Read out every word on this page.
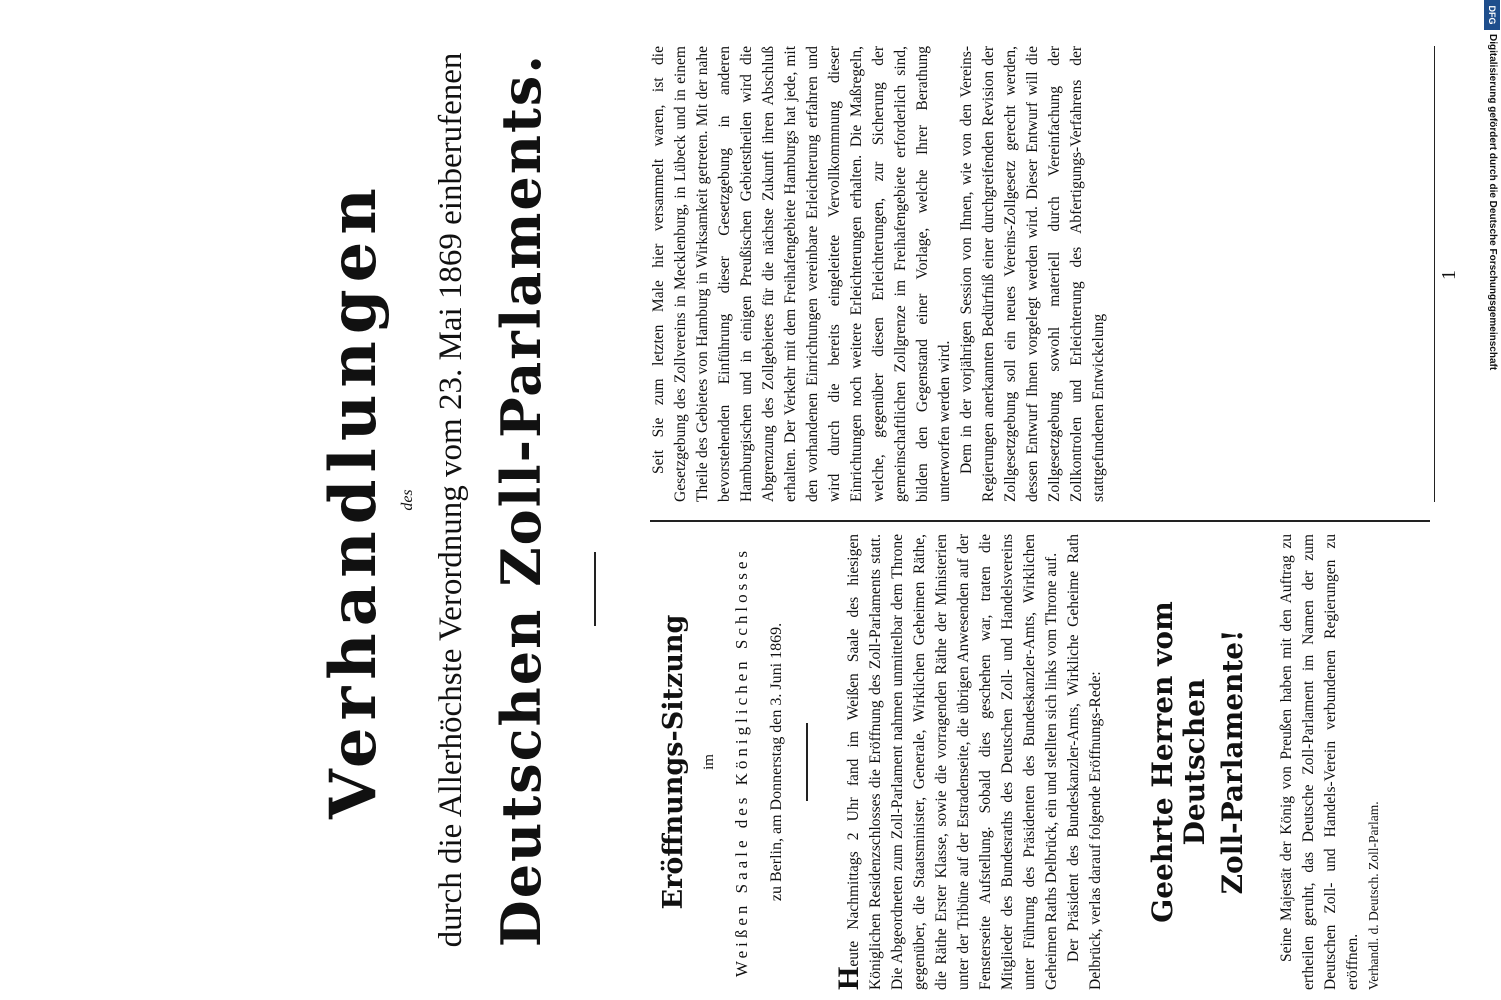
Verhandlungen des durch die Allerhöchste Verordnung vom 23. Mai 1869 einberufenen Deutschen Zoll-Parlaments.	Eröffnungs-Sitzung im Weißen Saale des Königlichen Schlosses zu Berlin, am Donnerstag den 3. Juni 1869.
Heute Nachmittags 2 Uhr fand im Weißen Saale des hiesigen Königlichen Residenzschlosses die Eröffnung des Zoll-Parlaments statt. Die Abgeordneten zum Zoll-Parlament nahmen unmittelbar dem Throne gegenüber, die Staatsminister, Generale, Wirklichen Geheimen Räthe, die Räthe Erster Klasse, sowie die vorragenden Räthe der Ministerien unter der Tribüne auf der Estradenseite, die übrigen Anwesenden auf der Fensterseite Aufstellung. Sobald dies geschehen war, traten die Mitglieder des Bundesraths des Deutschen Zoll- und Handelsvereins unter Führung des Präsidenten des Bundeskanzler-Amts, Wirklichen Geheimen Raths Delbrück, ein und stellten sich links vom Throne auf. Der Präsident des Bundeskanzler-Amts, Wirkliche Geheime Rath Delbrück, verlas darauf folgende Eröffnungs-Rede: Geehrte Herren vom Deutschen Zoll-Parlamente! Seine Majestät der König von Preußen haben mit den Auftrag zu ertheilen geruht, das Deutsche Zoll-Parlament im Namen der zum Deutschen Zoll- und Handels-Verein verbundenen Regierungen zu eröffnen. Verhandl. d. Deutsch. Zoll-Parlam.
Seit Sie zum letzten Male hier versammelt waren, ist die Gesetzgebung des Zollvereins in Mecklenburg, in Lübeck und in einem Theile des Gebietes von Hamburg in Wirksamkeit getreten. Mit der nahe bevorstehenden Einführung dieser Gesetzgebung in anderen Hamburgischen und in einigen Preußischen Gebietstheilen wird die Abgrenzung des Zollgebietes für die nächste Zukunft ihren Abschluß erhalten. Der Verkehr mit dem Freihafengebiete Hamburgs hat jede, mit den vorhandenen Einrichtungen vereinbare Erleichterung erfahren und wird durch die bereits eingeleitete Vervollkommnung dieser Einrichtungen noch weitere Erleichterungen erhalten. Die Maßregeln, welche, gegenüber diesen Erleichterungen, zur Sicherung der gemeinschaftlichen Zollgrenze im Freihafengebiete erforderlich sind, bilden den Gegenstand einer Vorlage, welche Ihrer Berathung unterworfen werden wird. Dem in der vorjährigen Session von Ihnen, wie von den Vereins-Regierungen anerkannten Bedürfniß einer durchgreifenden Revision der Zollgesetzgebung soll ein neues Vereins-Zollgesetz gerecht werden, dessen Entwurf Ihnen vorgelegt werden wird. Dieser Entwurf will die Zollgesetzgebung sowohl materiell durch Vereinfachung der Zollkontrolen und Erleichterung des Abfertigungs-Verfahrens der stattgefundenen Entwickelung
1
DFG
Digitalisierung gefördert durch die Deutsche Forschungsgemeinschaft
